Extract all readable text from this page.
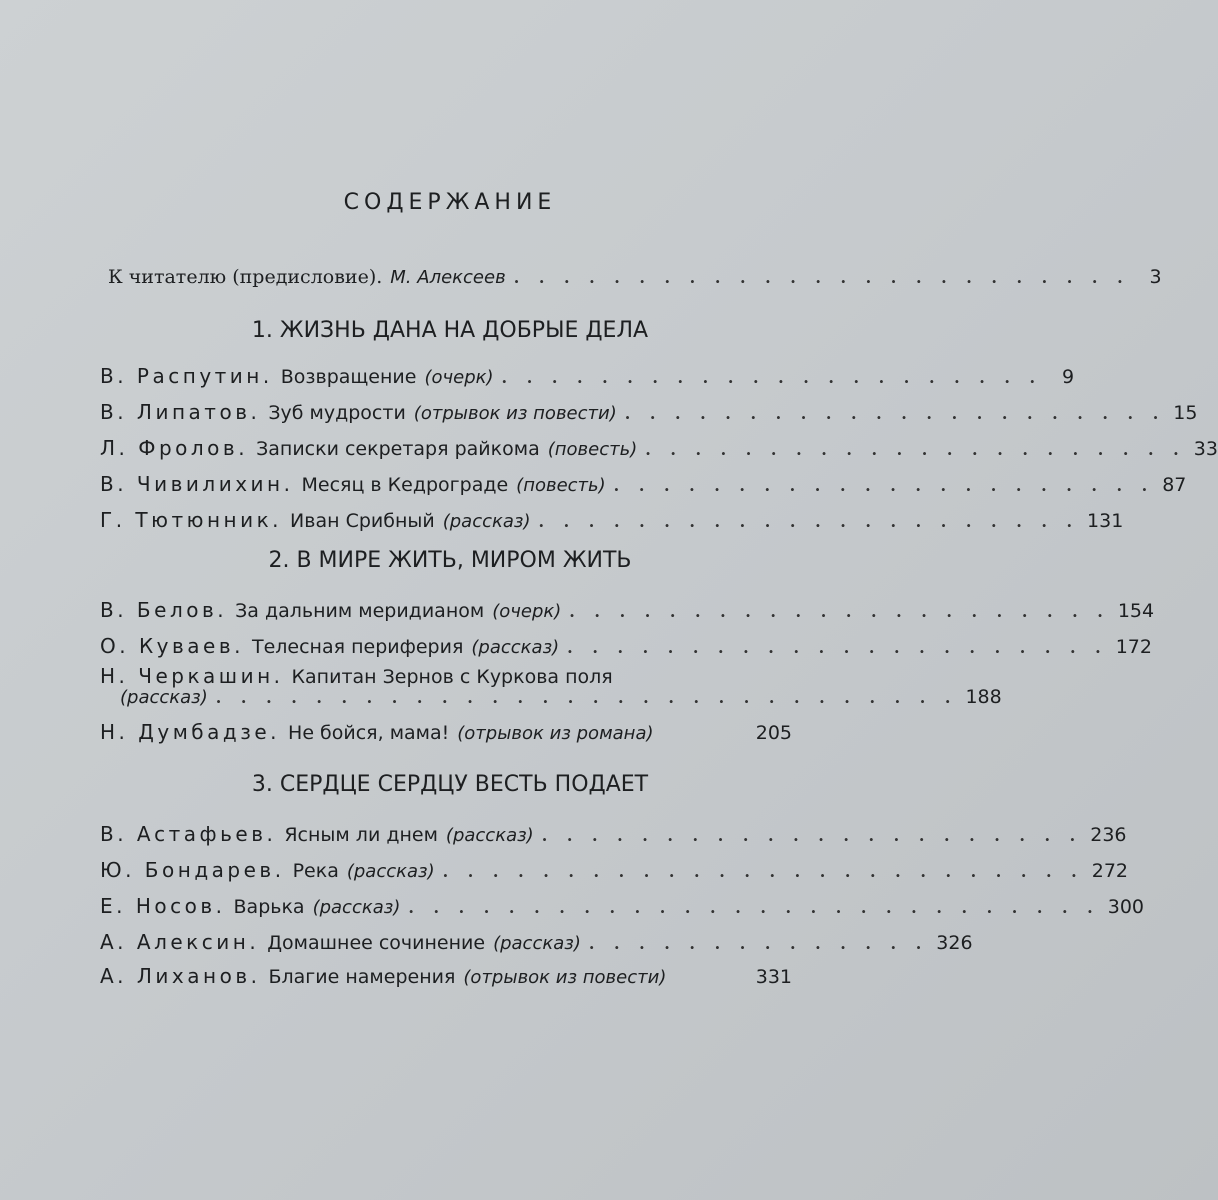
СОДЕРЖАНИЕ
К читателю (предисловие). М. Алексеев . . . . . . . . . . . . . . . . . . . . . . . . .	3
1. ЖИЗНЬ ДАНА НА ДОБРЫЕ ДЕЛА
В. Распутин. Возвращение (очерк) . . . . . . . . . . . . . . . . . . . . . .	9
В. Липатов. Зуб мудрости (отрывок из повести) . . . . . . . . . . . . . . . . . . . . . . 15
Л. Фролов. Записки секретаря райкома (повесть) . . . . . . . . . . . . . . . . . . . . . . 33
В. Чивилихин. Месяц в Кедрограде (повесть) . . . . . . . . . . . . . . . . . . . . . . 87
Г. Тютюнник. Иван Срибный (рассказ) . . . . . . . . . . . . . . . . . . . . . . 131
2. В МИРЕ ЖИТЬ, МИРОМ ЖИТЬ
В. Белов. За дальним меридианом (очерк) . . . . . . . . . . . . . . . . . . . . . . 154
О. Куваев. Телесная периферия (рассказ) . . . . . . . . . . . . . . . . . . . . . . 172
Н. Черкашин. Капитан Зернов с Куркова поля
(рассказ) . . . . . . . . . . . . . . . . . . . . . . . . . . . . . . 188
Н. Думбадзе. Не бойся, мама! (отрывок из романа)	205
3. СЕРДЦЕ СЕРДЦУ ВЕСТЬ ПОДАЕТ
В. Астафьев. Ясным ли днем (рассказ) . . . . . . . . . . . . . . . . . . . . . . 236
Ю. Бондарев. Река (рассказ) . . . . . . . . . . . . . . . . . . . . . . . . . . 272
Е. Носов. Варька (рассказ) . . . . . . . . . . . . . . . . . . . . . . . . . . . . 300
А. Алексин. Домашнее сочинение (рассказ) . . . . . . . . . . . . . . 326
А. Лиханов. Благие намерения (отрывок из повести)	331
